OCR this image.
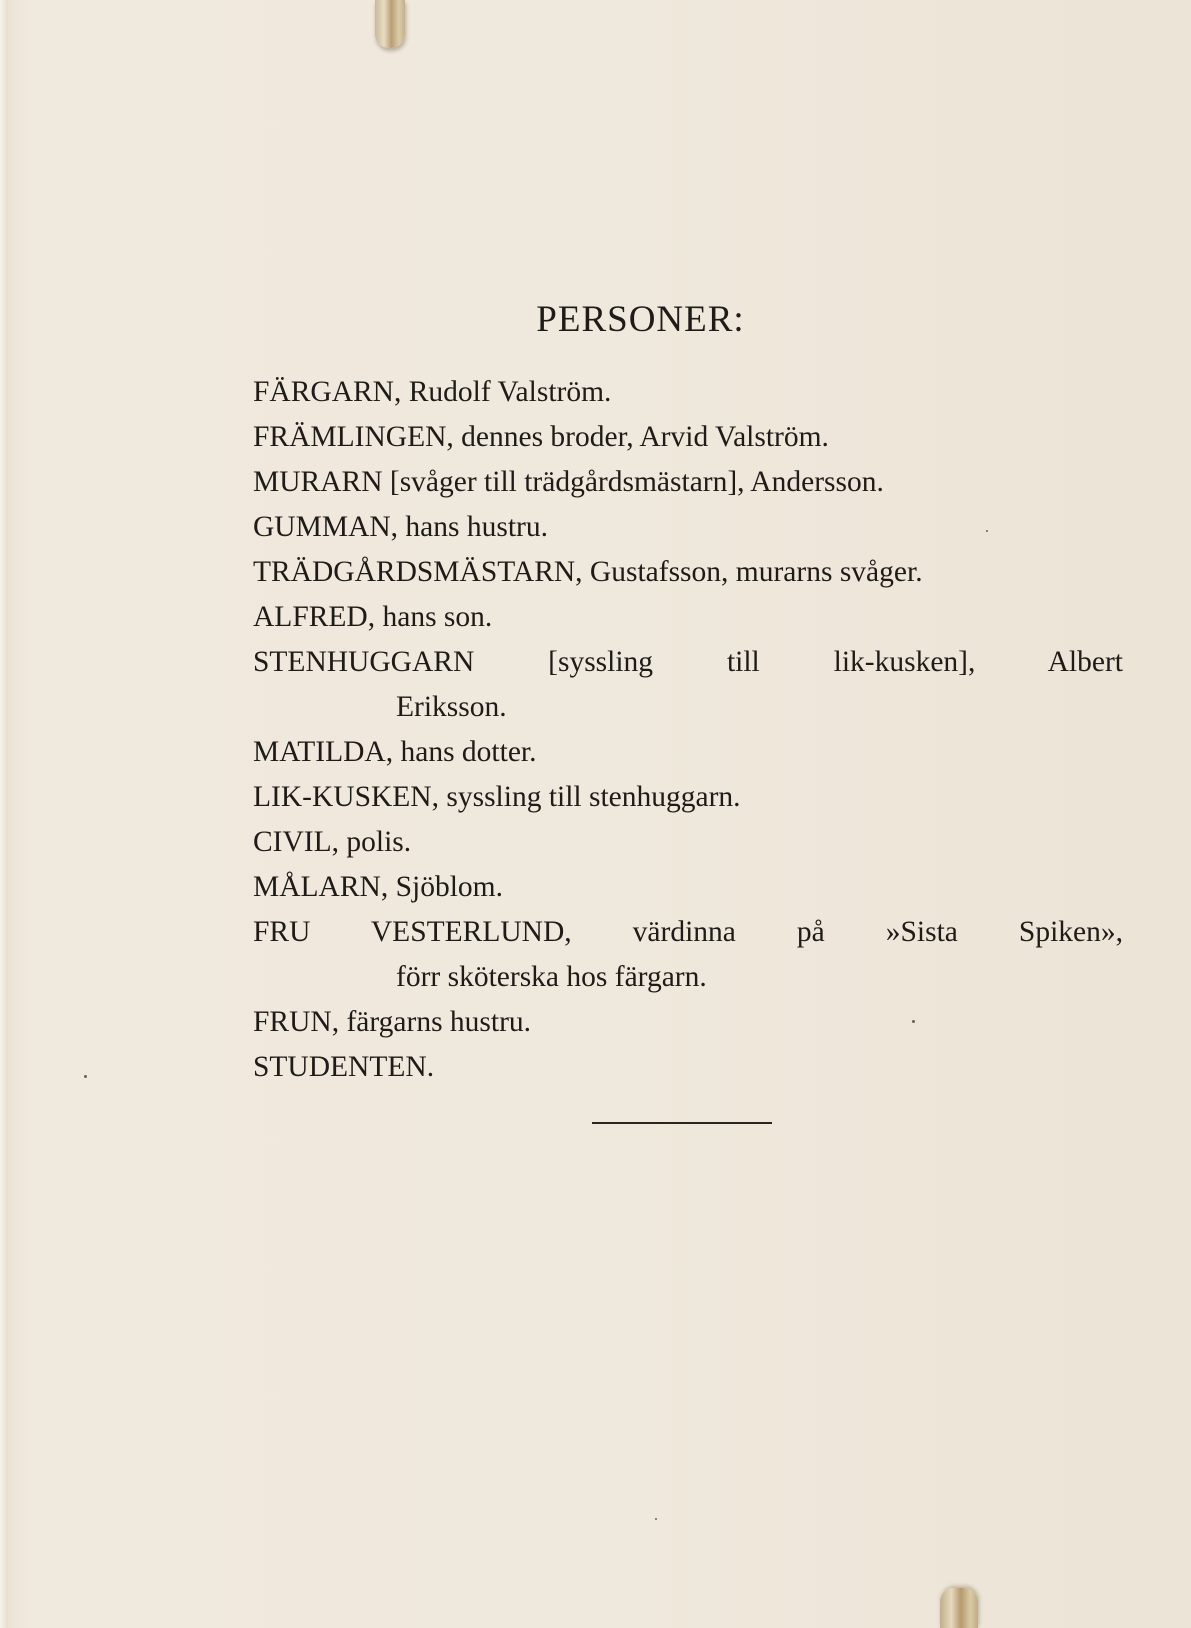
PERSONER:
FÄRGARN, Rudolf Valström.
FRÄMLINGEN, dennes broder, Arvid Valström.
MURARN [svåger till trädgårdsmästarn], Andersson.
GUMMAN, hans hustru.
TRÄDGÅRDSMÄSTARN, Gustafsson, murarns svåger.
ALFRED, hans son.
STENHUGGARN [syssling till lik-kusken], Albert
Eriksson.
MATILDA, hans dotter.
LIK-KUSKEN, syssling till stenhuggarn.
CIVIL, polis.
MÅLARN, Sjöblom.
FRU VESTERLUND, värdinna på »Sista Spiken»,
förr sköterska hos färgarn.
FRUN, färgarns hustru.
STUDENTEN.
